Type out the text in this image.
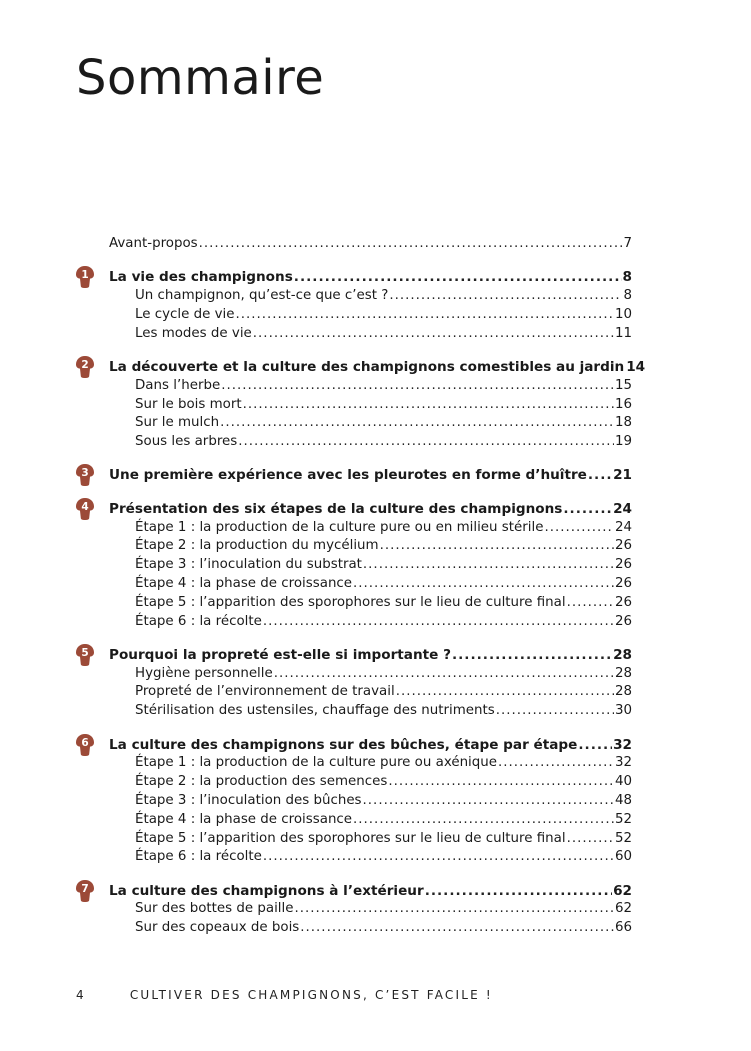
Sommaire
Avant-propos .....	7
1 La vie des champignons .....	8
Un champignon, qu’est-ce que c’est ? .....	8
Le cycle de vie .....	10
Les modes de vie .....	11
2 La découverte et la culture des champignons comestibles au jardin 14
Dans l’herbe .....	15
Sur le bois mort .....	16
Sur le mulch .....	18
Sous les arbres .....	19
3 Une première expérience avec les pleurotes en forme d’huître ..... 21
4 Présentation des six étapes de la culture des champignons .....	24
Étape 1 : la production de la culture pure ou en milieu stérile .....	24
Étape 2 : la production du mycélium .....	26
Étape 3 : l’inoculation du substrat .....	26
Étape 4 : la phase de croissance .....	26
Étape 5 : l’apparition des sporophores sur le lieu de culture final .....	26
Étape 6 : la récolte .....	26
5 Pourquoi la propreté est-elle si importante ? .....	28
Hygiène personnelle .....	28
Propreté de l’environnement de travail .....	28
Stérilisation des ustensiles, chauffage des nutriments .....	30
6 La culture des champignons sur des bûches, étape par étape .....	32
Étape 1 : la production de la culture pure ou axénique .....	32
Étape 2 : la production des semences .....	40
Étape 3 : l’inoculation des bûches .....	48
Étape 4 : la phase de croissance .....	52
Étape 5 : l’apparition des sporophores sur le lieu de culture final .....	52
Étape 6 : la récolte .....	60
7 La culture des champignons à l’extérieur .....	62
Sur des bottes de paille .....	62
Sur des copeaux de bois .....	66
4	CULTIVER DES CHAMPIGNONS, C’EST FACILE !
